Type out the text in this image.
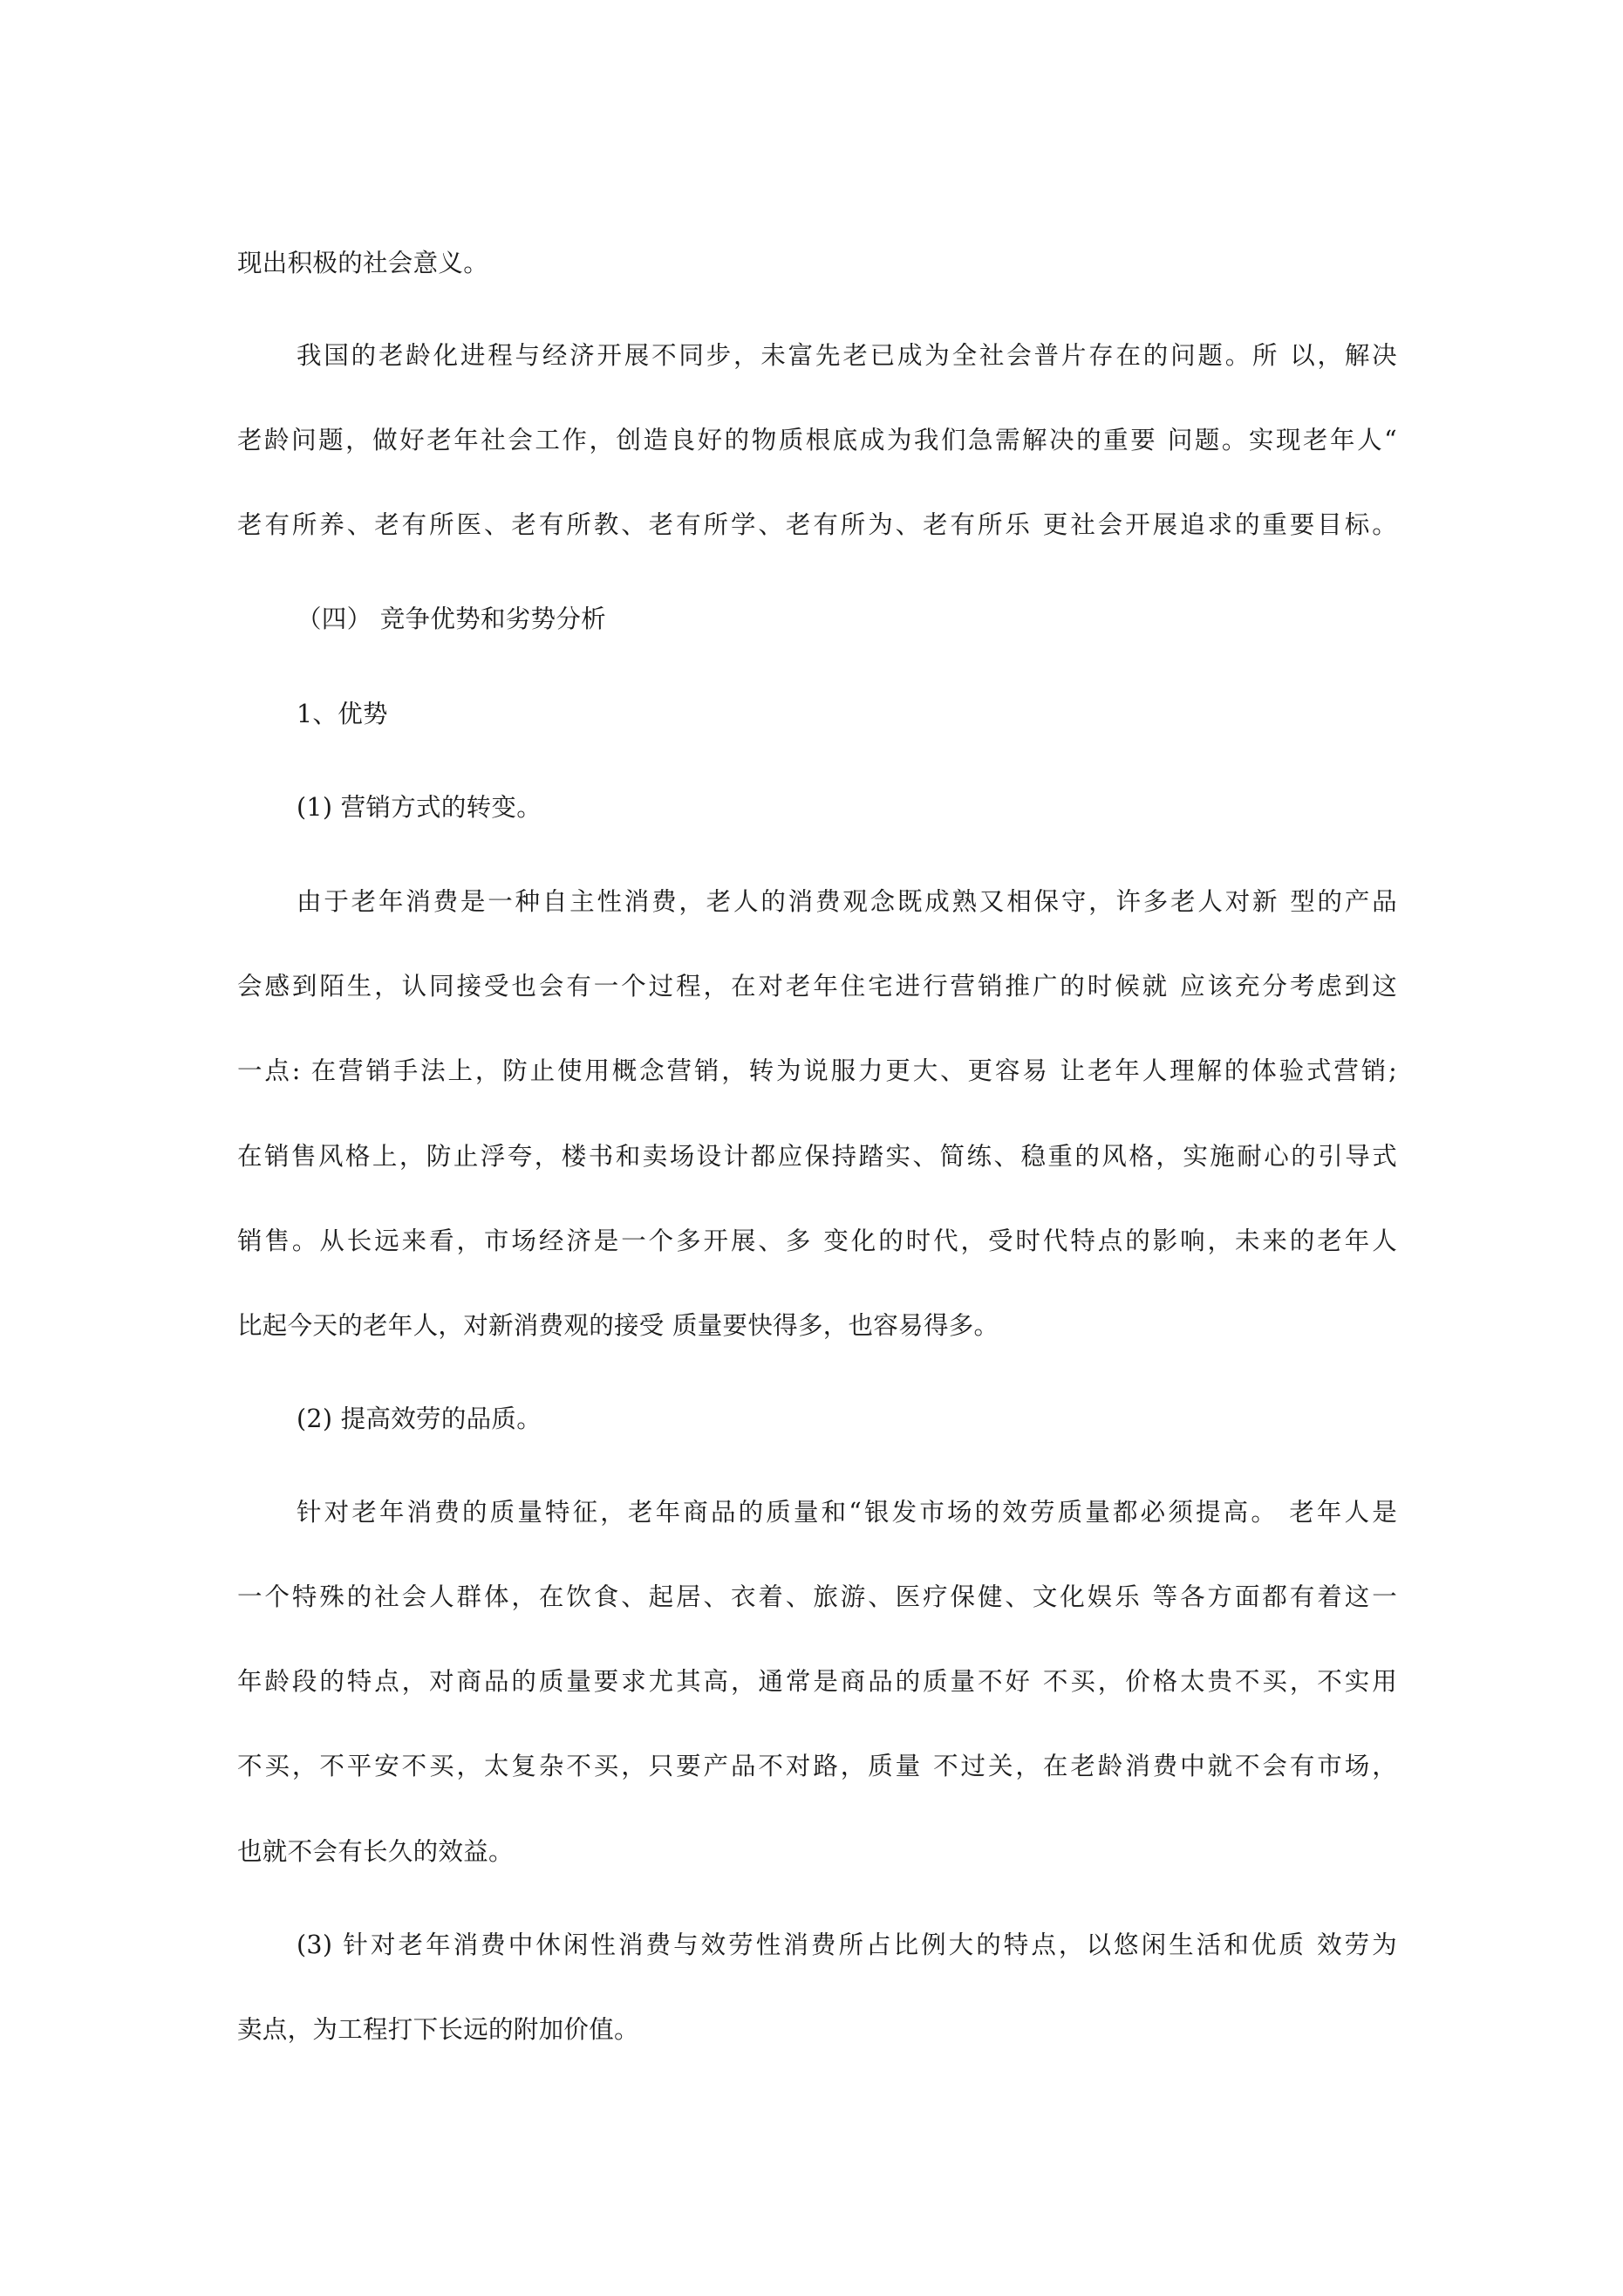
现出积极的社会意义。
我国的老龄化进程与经济开展不同步，未富先老已成为全社会普片存在的问题。所 以，解决
老龄问题，做好老年社会工作，创造良好的物质根底成为我们急需解决的重要 问题。实现老年人“
老有所养、老有所医、老有所教、老有所学、老有所为、老有所乐 更社会开展追求的重要目标。
（四） 竞争优势和劣势分析
1、优势
(1) 营销方式的转变。
由于老年消费是一种自主性消费，老人的消费观念既成熟又相保守，许多老人对新 型的产品
会感到陌生，认同接受也会有一个过程，在对老年住宅进行营销推广的时候就 应该充分考虑到这
一点: 在营销手法上，防止使用概念营销，转为说服力更大、更容易 让老年人理解的体验式营销;
在销售风格上，防止浮夸，楼书和卖场设计都应保持踏实、简练、稳重的风格，实施耐心的引导式
销售。从长远来看，市场经济是一个多开展、多 变化的时代，受时代特点的影响，未来的老年人
比起今天的老年人，对新消费观的接受 质量要快得多，也容易得多。
(2) 提高效劳的品质。
针对老年消费的质量特征，老年商品的质量和“银发市场的效劳质量都必须提高。 老年人是
一个特殊的社会人群体，在饮食、起居、衣着、旅游、医疗保健、文化娱乐 等各方面都有着这一
年龄段的特点，对商品的质量要求尤其高，通常是商品的质量不好 不买，价格太贵不买，不实用
不买，不平安不买，太复杂不买，只要产品不对路，质量 不过关，在老龄消费中就不会有市场，
也就不会有长久的效益。
(3) 针对老年消费中休闲性消费与效劳性消费所占比例大的特点，以悠闲生活和优质 效劳为
卖点，为工程打下长远的附加价值。
